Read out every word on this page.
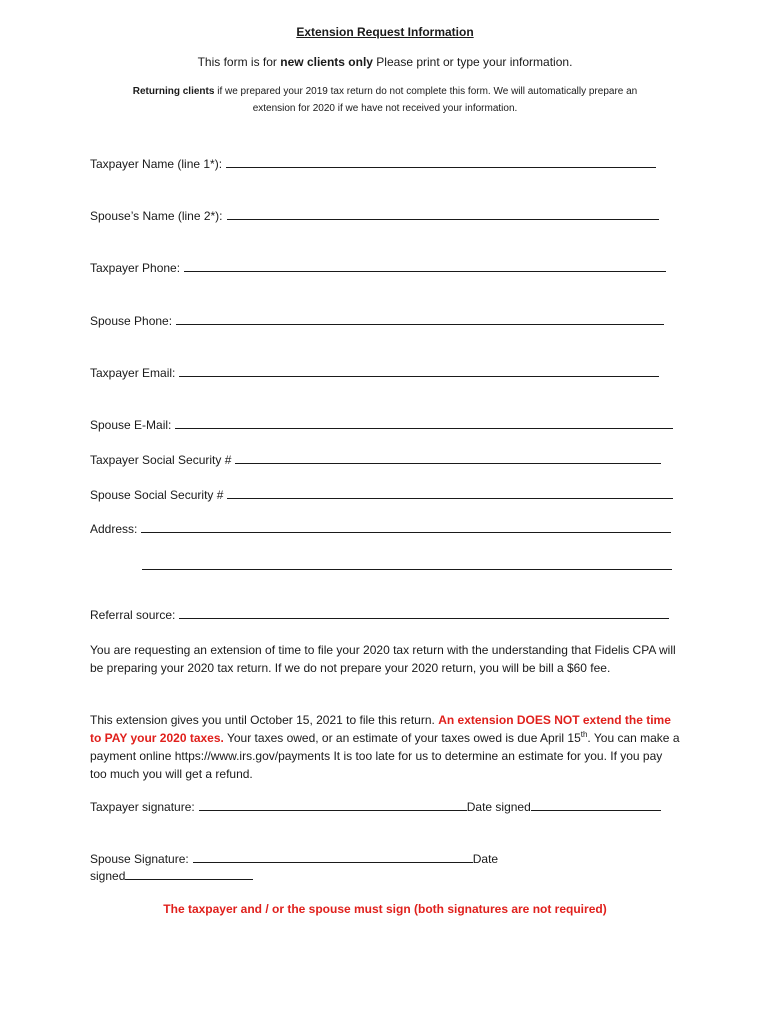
Extension Request Information
This form is for new clients only Please print or type your information.
Returning clients if we prepared your 2019 tax return do not complete this form. We will automatically prepare an
extension for 2020 if we have not received your information.
Taxpayer Name (line 1*):
Spouse’s Name (line 2*):
Taxpayer Phone:
Spouse Phone:
Taxpayer Email:
Spouse E-Mail:
Taxpayer Social Security #
Spouse Social Security #
Address:
Referral source:
You are requesting an extension of time to file your 2020 tax return with the understanding that Fidelis CPA will be preparing your 2020 tax return. If we do not prepare your 2020 return, you will be bill a $60 fee.
This extension gives you until October 15, 2021 to file this return. An extension DOES NOT extend the time to PAY your 2020 taxes. Your taxes owed, or an estimate of your taxes owed is due April 15th. You can make a payment online https://www.irs.gov/payments It is too late for us to determine an estimate for you. If you pay too much you will get a refund.
Taxpayer signature:	Date signed
Spouse Signature:	Date
signed
The taxpayer and / or the spouse must sign (both signatures are not required)
